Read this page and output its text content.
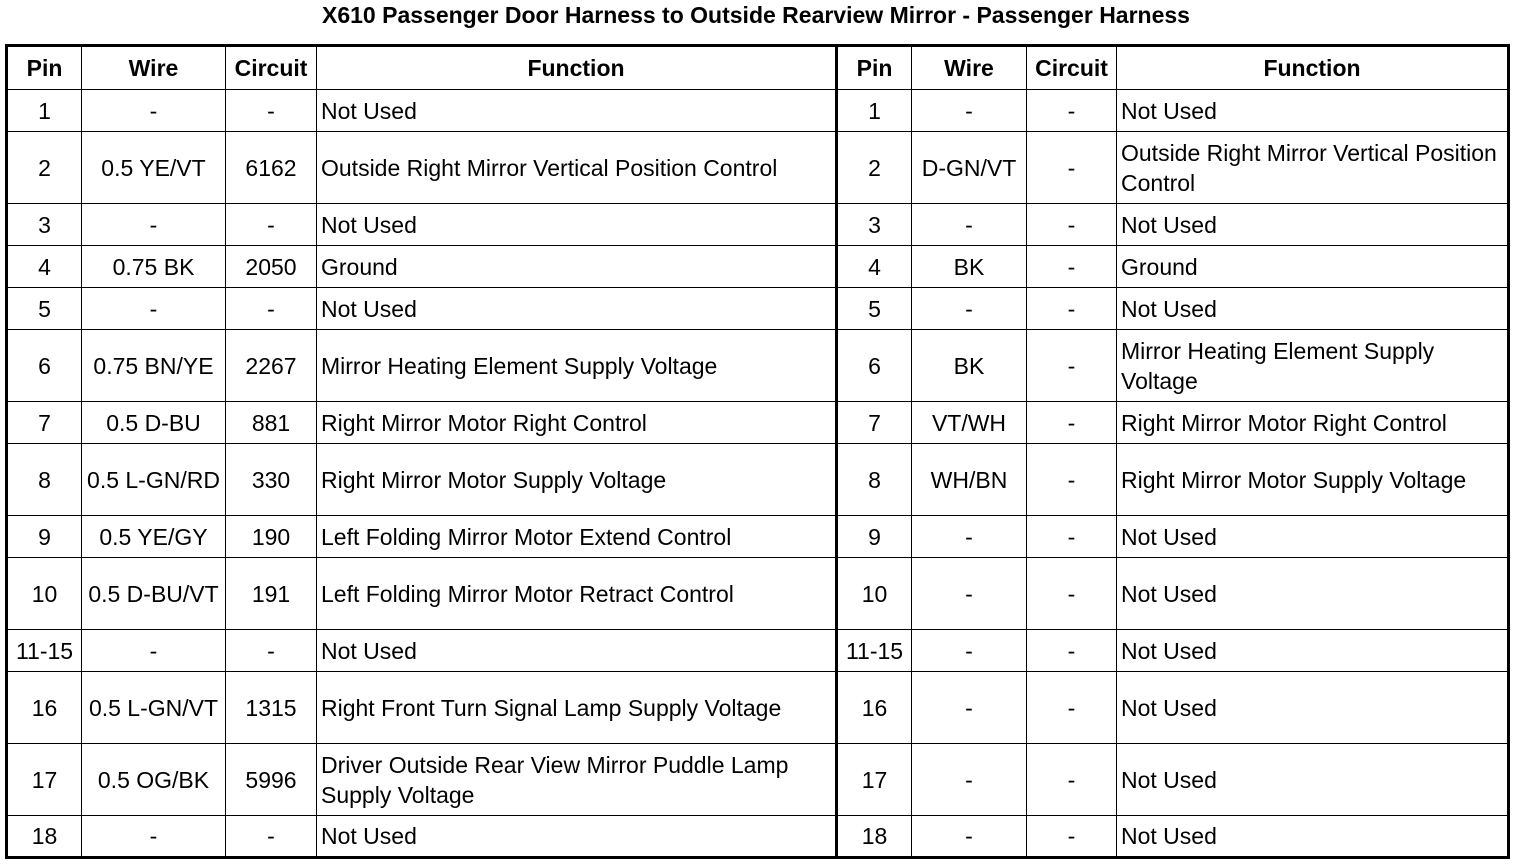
X610 Passenger Door Harness to Outside Rearview Mirror - Passenger Harness
Pin	Wire	Circuit	Function	Pin	Wire	Circuit	Function
1	-	-	Not Used	1	-	-	Not Used
2	0.5 YE/VT	6162	Outside Right Mirror Vertical Position Control	2	D-GN/VT	-	Outside Right Mirror Vertical Position Control
3	-	-	Not Used	3	-	-	Not Used
4	0.75 BK	2050	Ground	4	BK	-	Ground
5	-	-	Not Used	5	-	-	Not Used
6	0.75 BN/YE	2267	Mirror Heating Element Supply Voltage	6	BK	-	Mirror Heating Element Supply Voltage
7	0.5 D-BU	881	Right Mirror Motor Right Control	7	VT/WH	-	Right Mirror Motor Right Control
8	0.5 L-GN/RD	330	Right Mirror Motor Supply Voltage	8	WH/BN	-	Right Mirror Motor Supply Voltage
9	0.5 YE/GY	190	Left Folding Mirror Motor Extend Control	9	-	-	Not Used
10	0.5 D-BU/VT	191	Left Folding Mirror Motor Retract Control	10	-	-	Not Used
11-15	-	-	Not Used	11-15	-	-	Not Used
16	0.5 L-GN/VT	1315	Right Front Turn Signal Lamp Supply Voltage	16	-	-	Not Used
17	0.5 OG/BK	5996	Driver Outside Rear View Mirror Puddle Lamp Supply Voltage	17	-	-	Not Used
18	-	-	Not Used	18	-	-	Not Used
